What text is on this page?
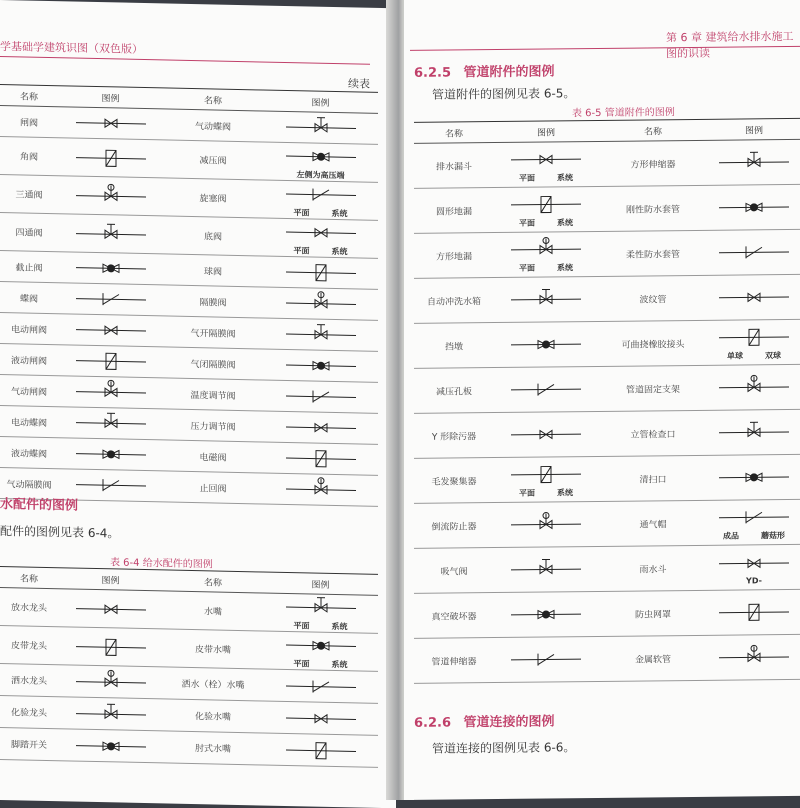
学基础学建筑识图（双色版）
续表
名称	图例	名称	图例
闸阀		气动蝶阀	

角阀		减压阀	左侧为高压端

三通阀		旋塞阀	平面 系统

四通阀		底阀	平面 系统

截止阀		球阀	

蝶阀		隔膜阀	

电动闸阀		气开隔膜阀	

液动闸阀		气闭隔膜阀	

气动闸阀		温度调节阀	

电动蝶阀		压力调节阀	

液动蝶阀		电磁阀	

气动隔膜阀		止回阀	
水配件的图例
配件的图例见表 6-4。
表 6-4 给水配件的图例
名称	图例	名称	图例
放水龙头		水嘴	平面 系统

皮带龙头		皮带水嘴	平面 系统

洒水龙头		洒水（栓）水嘴	

化验龙头		化验水嘴	

脚踏开关		肘式水嘴	
第 6 章 建筑给水排水施工图的识读
6.2.5 管道附件的图例
管道附件的图例见表 6-5。
表 6-5 管道附件的图例
名称	图例	名称	图例
排水漏斗	平面 系统	方形伸缩器	

圆形地漏	平面 系统	刚性防水套管	

方形地漏	平面 系统	柔性防水套管	

自动冲洗水箱		波纹管	

挡墩		可曲挠橡胶接头	单球 双球

减压孔板		管道固定支架	

Y 形除污器		立管检查口	

毛发聚集器	平面 系统	清扫口	

倒流防止器		通气帽	成品 蘑菇形

吸气阀		雨水斗	YD-

真空破坏器		防虫网罩	

管道伸缩器		金属软管	
6.2.6 管道连接的图例
管道连接的图例见表 6-6。
